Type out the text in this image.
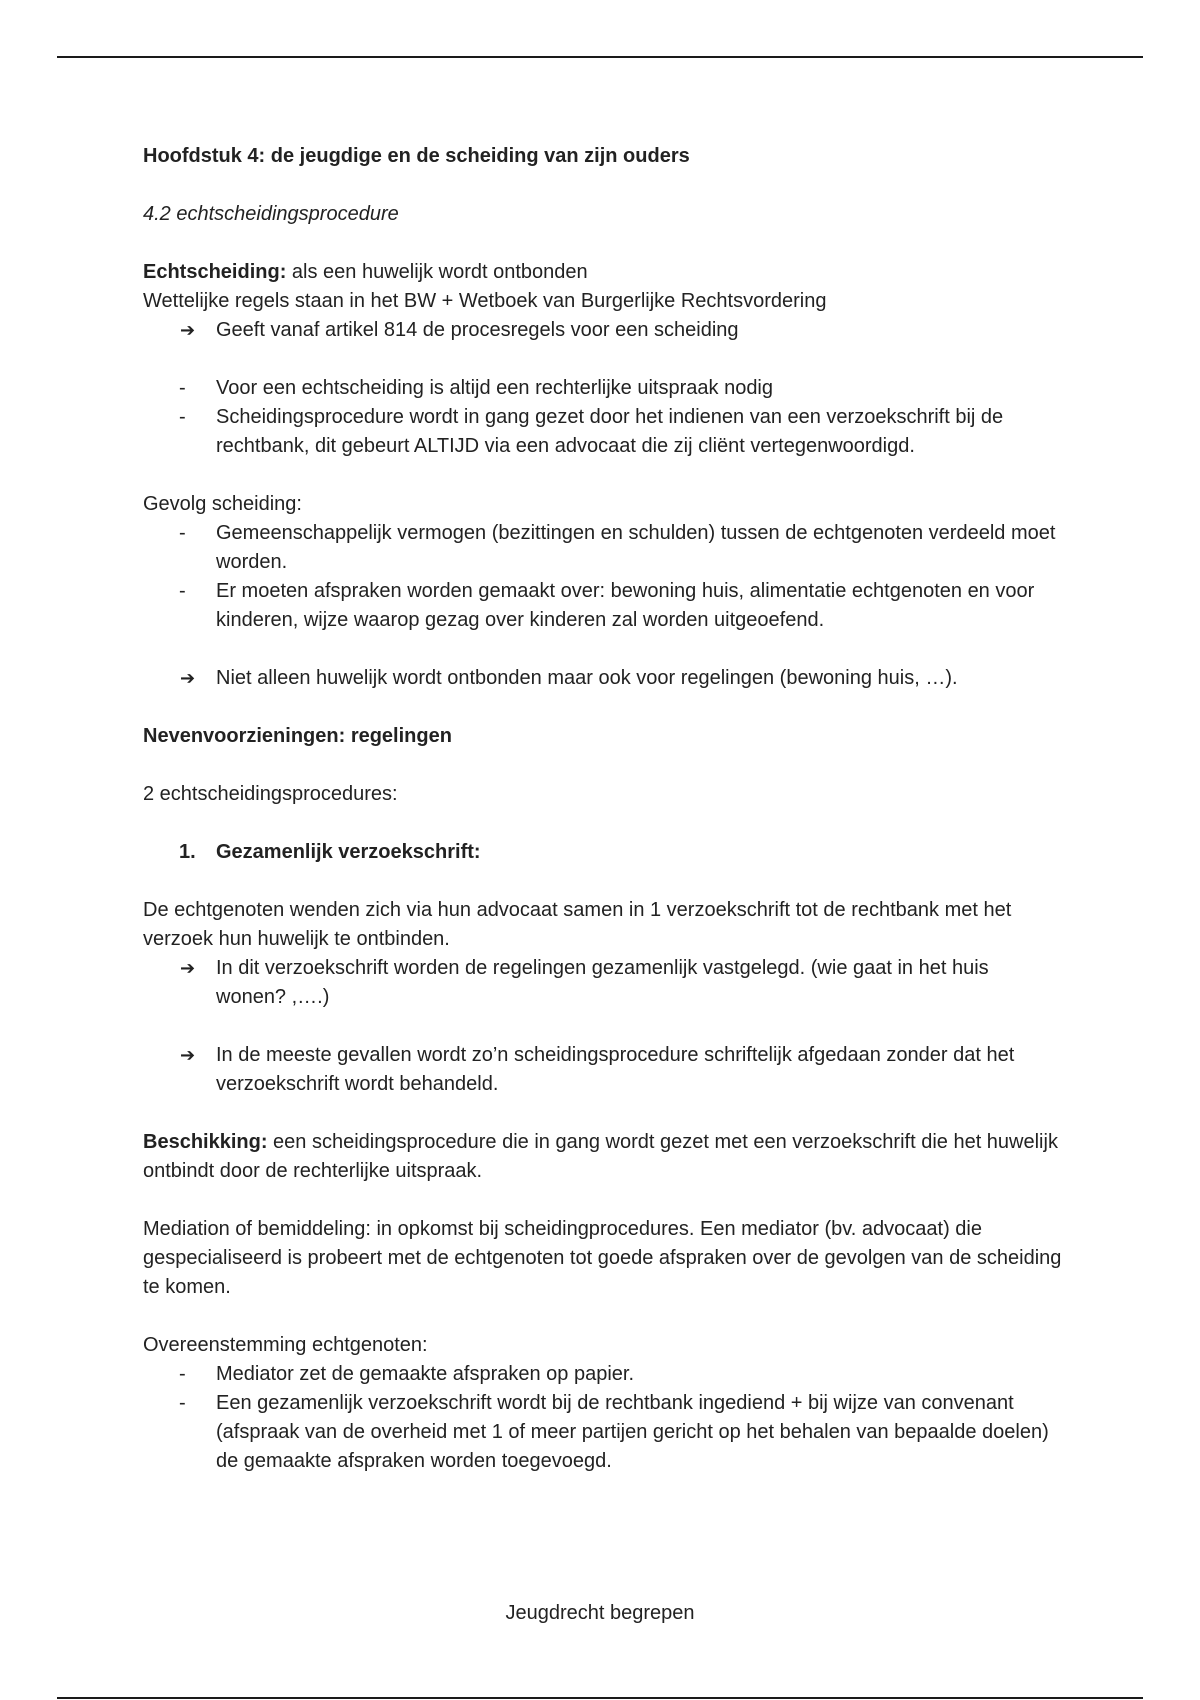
Hoofdstuk 4: de jeugdige en de scheiding van zijn ouders

4.2 echtscheidingsprocedure

Echtscheiding: als een huwelijk wordt ontbonden

Wettelijke regels staan in het BW + Wetboek van Burgerlijke Rechtsvordering

➔ Geeft vanaf artikel 814 de procesregels voor een scheiding
- Voor een echtscheiding is altijd een rechterlijke uitspraak nodig
- Scheidingsprocedure wordt in gang gezet door het indienen van een verzoekschrift bij de rechtbank, dit gebeurt ALTIJD via een advocaat die zij cliënt vertegenwoordigd.

Gevolg scheiding:

- Gemeenschappelijk vermogen (bezittingen en schulden) tussen de echtgenoten verdeeld moet worden.
- Er moeten afspraken worden gemaakt over: bewoning huis, alimentatie echtgenoten en voor kinderen, wijze waarop gezag over kinderen zal worden uitgeoefend.
➔ Niet alleen huwelijk wordt ontbonden maar ook voor regelingen (bewoning huis, …).

Nevenvoorzieningen: regelingen

2 echtscheidingsprocedures:

1. Gezamenlijk verzoekschrift:

De echtgenoten wenden zich via hun advocaat samen in 1 verzoekschrift tot de rechtbank met het verzoek hun huwelijk te ontbinden.

➔ In dit verzoekschrift worden de regelingen gezamenlijk vastgelegd. (wie gaat in het huis wonen? ,….)
➔ In de meeste gevallen wordt zo’n scheidingsprocedure schriftelijk afgedaan zonder dat het verzoekschrift wordt behandeld.

Beschikking: een scheidingsprocedure die in gang wordt gezet met een verzoekschrift die het huwelijk ontbindt door de rechterlijke uitspraak.

Mediation of bemiddeling: in opkomst bij scheidingprocedures. Een mediator (bv. advocaat) die gespecialiseerd is probeert met de echtgenoten tot goede afspraken over de gevolgen van de scheiding te komen.

Overeenstemming echtgenoten:

- Mediator zet de gemaakte afspraken op papier.
- Een gezamenlijk verzoekschrift wordt bij de rechtbank ingediend + bij wijze van convenant (afspraak van de overheid met 1 of meer partijen gericht op het behalen van bepaalde doelen) de gemaakte afspraken worden toegevoegd.
Jeugdrecht begrepen
